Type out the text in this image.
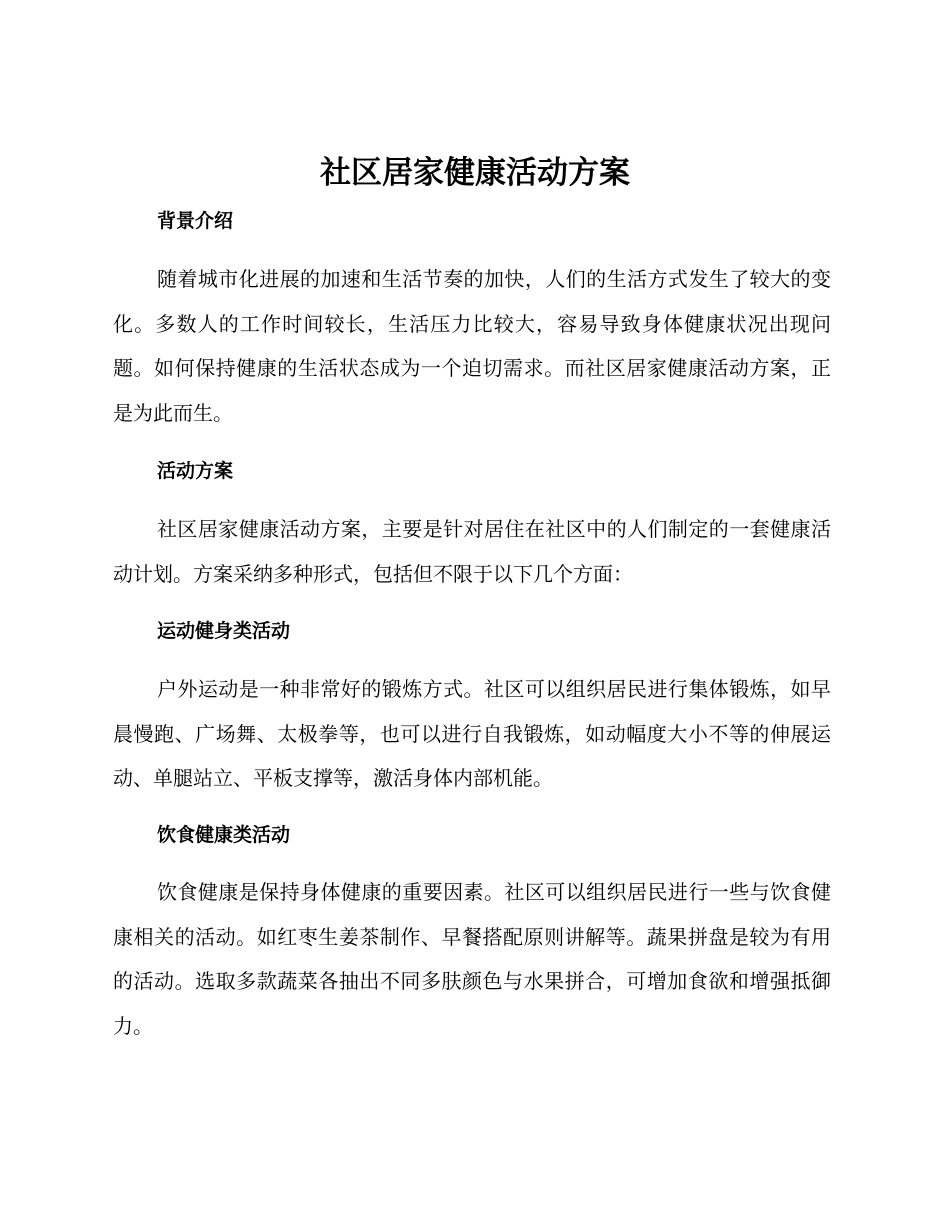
社区居家健康活动方案
背景介绍
随着城市化进展的加速和生活节奏的加快，人们的生活方式发生了较大的变化。多数人的工作时间较长，生活压力比较大，容易导致身体健康状况出现问题。如何保持健康的生活状态成为一个迫切需求。而社区居家健康活动方案，正是为此而生。
活动方案
社区居家健康活动方案，主要是针对居住在社区中的人们制定的一套健康活动计划。方案采纳多种形式，包括但不限于以下几个方面：
运动健身类活动
户外运动是一种非常好的锻炼方式。社区可以组织居民进行集体锻炼，如早晨慢跑、广场舞、太极拳等，也可以进行自我锻炼，如动幅度大小不等的伸展运动、单腿站立、平板支撑等，激活身体内部机能。
饮食健康类活动
饮食健康是保持身体健康的重要因素。社区可以组织居民进行一些与饮食健康相关的活动。如红枣生姜茶制作、早餐搭配原则讲解等。蔬果拼盘是较为有用的活动。选取多款蔬菜各抽出不同多肤颜色与水果拼合，可增加食欲和增强抵御力。
